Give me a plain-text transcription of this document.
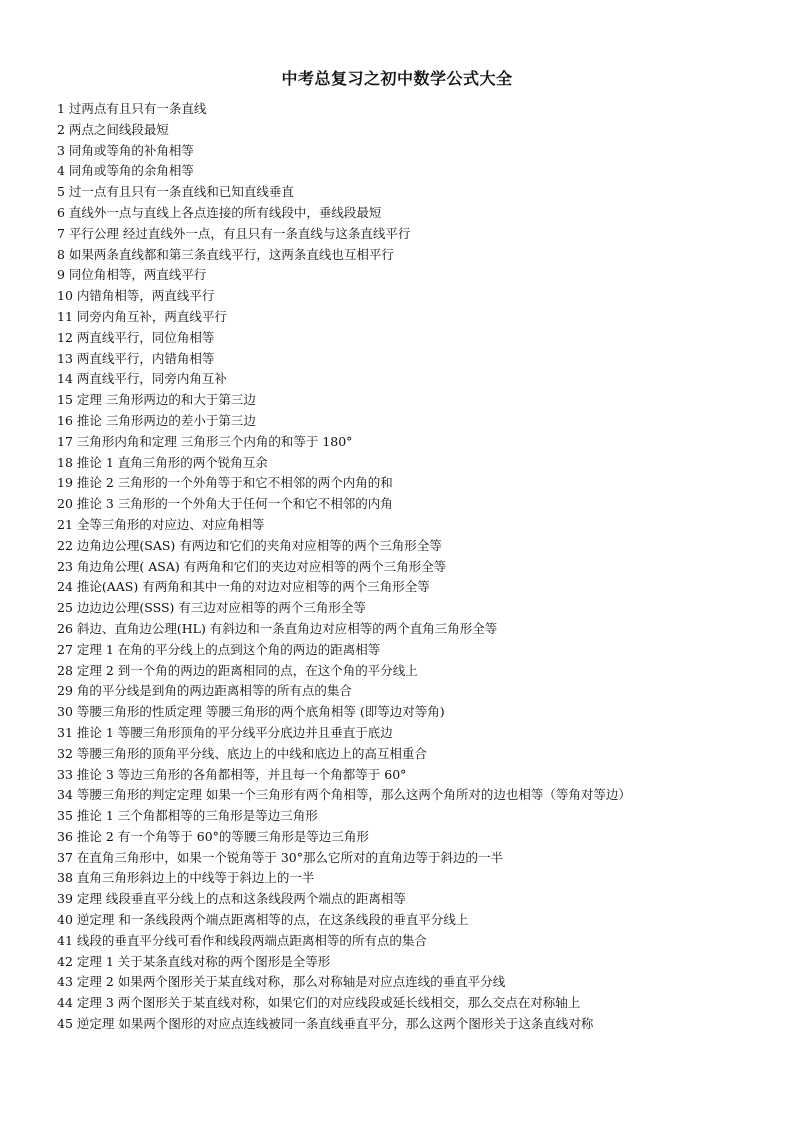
中考总复习之初中数学公式大全
1 过两点有且只有一条直线
2 两点之间线段最短
3 同角或等角的补角相等
4 同角或等角的余角相等
5 过一点有且只有一条直线和已知直线垂直
6 直线外一点与直线上各点连接的所有线段中，垂线段最短
7 平行公理 经过直线外一点，有且只有一条直线与这条直线平行
8 如果两条直线都和第三条直线平行，这两条直线也互相平行
9 同位角相等，两直线平行
10 内错角相等，两直线平行
11 同旁内角互补，两直线平行
12 两直线平行，同位角相等
13 两直线平行，内错角相等
14 两直线平行，同旁内角互补
15 定理 三角形两边的和大于第三边
16 推论 三角形两边的差小于第三边
17 三角形内角和定理 三角形三个内角的和等于 180°
18 推论 1 直角三角形的两个锐角互余
19 推论 2 三角形的一个外角等于和它不相邻的两个内角的和
20 推论 3 三角形的一个外角大于任何一个和它不相邻的内角
21 全等三角形的对应边、对应角相等
22 边角边公理(SAS) 有两边和它们的夹角对应相等的两个三角形全等
23 角边角公理( ASA) 有两角和它们的夹边对应相等的两个三角形全等
24 推论(AAS) 有两角和其中一角的对边对应相等的两个三角形全等
25 边边边公理(SSS) 有三边对应相等的两个三角形全等
26 斜边、直角边公理(HL) 有斜边和一条直角边对应相等的两个直角三角形全等
27 定理 1 在角的平分线上的点到这个角的两边的距离相等
28 定理 2 到一个角的两边的距离相同的点，在这个角的平分线上
29 角的平分线是到角的两边距离相等的所有点的集合
30 等腰三角形的性质定理 等腰三角形的两个底角相等 (即等边对等角)
31 推论 1 等腰三角形顶角的平分线平分底边并且垂直于底边
32 等腰三角形的顶角平分线、底边上的中线和底边上的高互相重合
33 推论 3 等边三角形的各角都相等，并且每一个角都等于 60°
34 等腰三角形的判定定理 如果一个三角形有两个角相等，那么这两个角所对的边也相等（等角对等边）
35 推论 1 三个角都相等的三角形是等边三角形
36 推论 2 有一个角等于 60°的等腰三角形是等边三角形
37 在直角三角形中，如果一个锐角等于 30°那么它所对的直角边等于斜边的一半
38 直角三角形斜边上的中线等于斜边上的一半
39 定理 线段垂直平分线上的点和这条线段两个端点的距离相等
40 逆定理 和一条线段两个端点距离相等的点，在这条线段的垂直平分线上
41 线段的垂直平分线可看作和线段两端点距离相等的所有点的集合
42 定理 1 关于某条直线对称的两个图形是全等形
43 定理 2 如果两个图形关于某直线对称，那么对称轴是对应点连线的垂直平分线
44 定理 3 两个图形关于某直线对称，如果它们的对应线段或延长线相交，那么交点在对称轴上
45 逆定理 如果两个图形的对应点连线被同一条直线垂直平分，那么这两个图形关于这条直线对称
